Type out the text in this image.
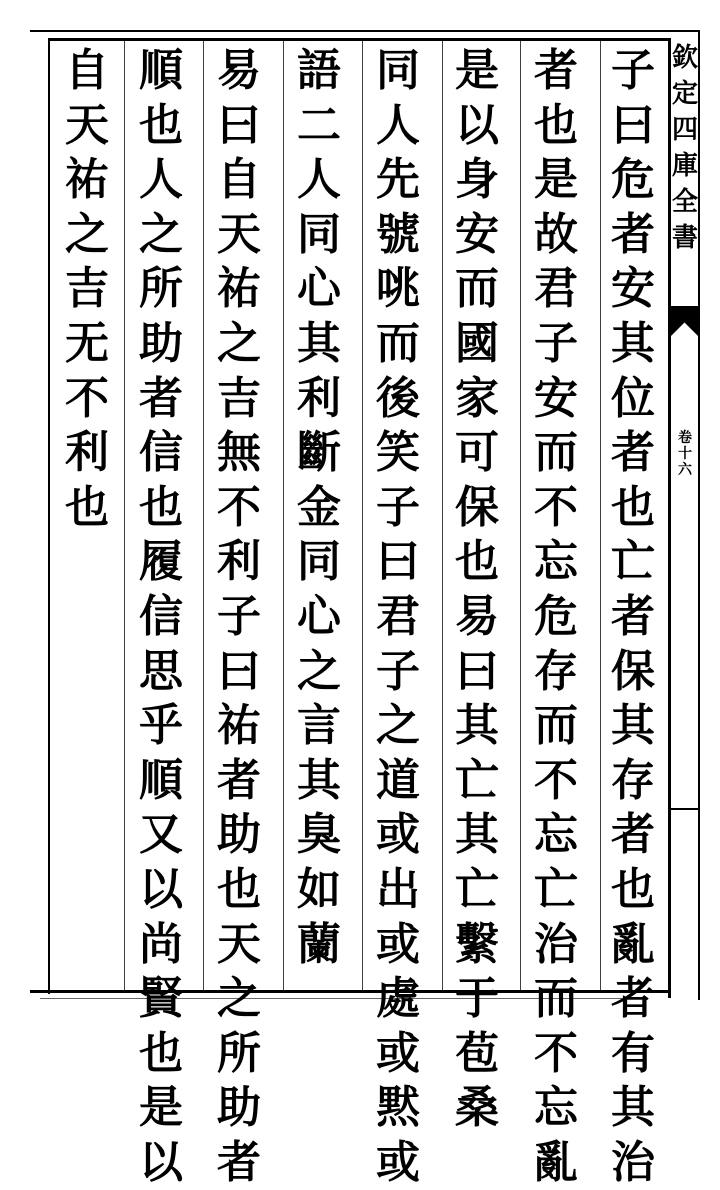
子
曰
危
者
安
其
位
者
也
亡
者
保
其
存
者
也
亂
者
有
其
治
者
也
是
故
君
子
安
而
不
忘
危
存
而
不
忘
亡
治
而
不
忘
亂
是
以
身
安
而
國
家
可
保
也
易
曰
其
亡
其
亡
繫
于
苞
桑
同
人
先
號
咷
而
後
笑
子
曰
君
子
之
道
或
出
或
處
或
黙
或
語
二
人
同
心
其
利
斷
金
同
心
之
言
其
臭
如
蘭
易
曰
自
天
祐
之
吉
無
不
利
子
曰
祐
者
助
也
天
之
所
助
者
順
也
人
之
所
助
者
信
也
履
信
思
乎
順
又
以
尚
賢
也
是
以
自
天
祐
之
吉
无
不
利
也
欽
定
四
庫
全
書
卷
十
六
